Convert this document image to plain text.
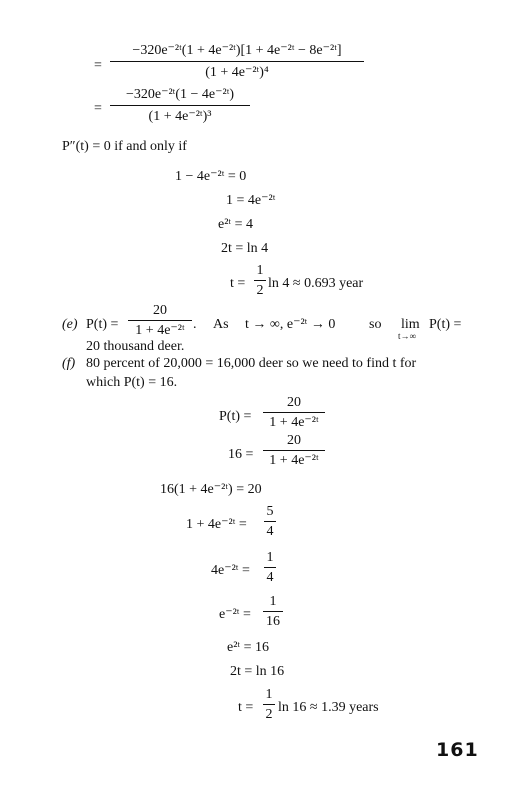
=
−320e⁻²ᵗ(1 + 4e⁻²ᵗ)[1 + 4e⁻²ᵗ − 8e⁻²ᵗ]
(1 + 4e⁻²ᵗ)⁴
=
−320e⁻²ᵗ(1 − 4e⁻²ᵗ)
(1 + 4e⁻²ᵗ)³
P″(t) = 0 if and only if
1 − 4e⁻²ᵗ = 0
1 = 4e⁻²ᵗ
e²ᵗ = 4
2t = ln 4
t =
1
2 ln 4 ≈ 0.693 year
(e) P(t) =
20
1 + 4e⁻²ᵗ . As t → ∞, e⁻²ᵗ → 0 so lim
t→∞
P(t) =
20 thousand deer.
(f) 80 percent of 20,000 = 16,000 deer so we need to find t for
which P(t) = 16.
P(t) =
20
1 + 4e⁻²ᵗ
16 =
20
1 + 4e⁻²ᵗ
16(1 + 4e⁻²ᵗ) = 20
1 + 4e⁻²ᵗ =
5
4
4e⁻²ᵗ =
1
4
e⁻²ᵗ =
1
16
e²ᵗ = 16
2t = ln 16
t =
1
2 ln 16 ≈ 1.39 years
161
